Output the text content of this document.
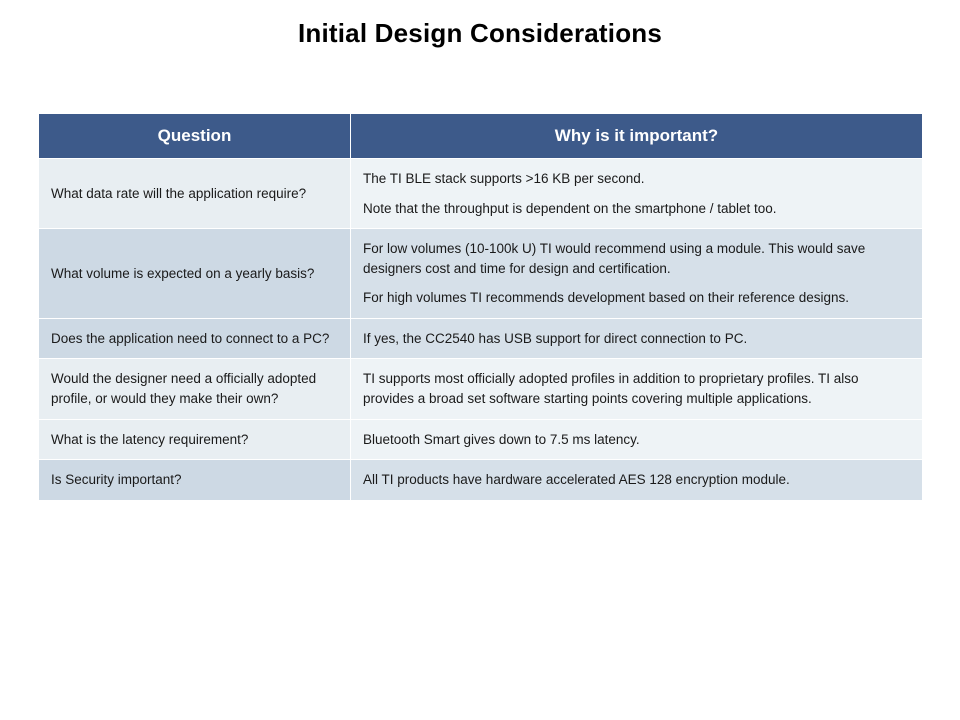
Initial Design Considerations
Question	Why is it important?
What data rate will the application require?	The TI BLE stack supports >16 KB per second.

Note that the throughput is dependent on the smartphone / tablet too.

What volume is expected on a yearly basis?	For low volumes (10-100k U) TI would recommend using a module. This would save designers cost and time for design and certification.

For high volumes TI recommends development based on their reference designs.

Does the application need to connect to a PC?	If yes, the CC2540 has USB support for direct connection to PC.

Would the designer need a officially adopted profile, or would they make their own?	TI supports most officially adopted profiles in addition to proprietary profiles. TI also provides a broad set software starting points covering multiple applications.

What is the latency requirement?	Bluetooth Smart gives down to 7.5 ms latency.

Is Security important?	All TI products have hardware accelerated AES 128 encryption module.
